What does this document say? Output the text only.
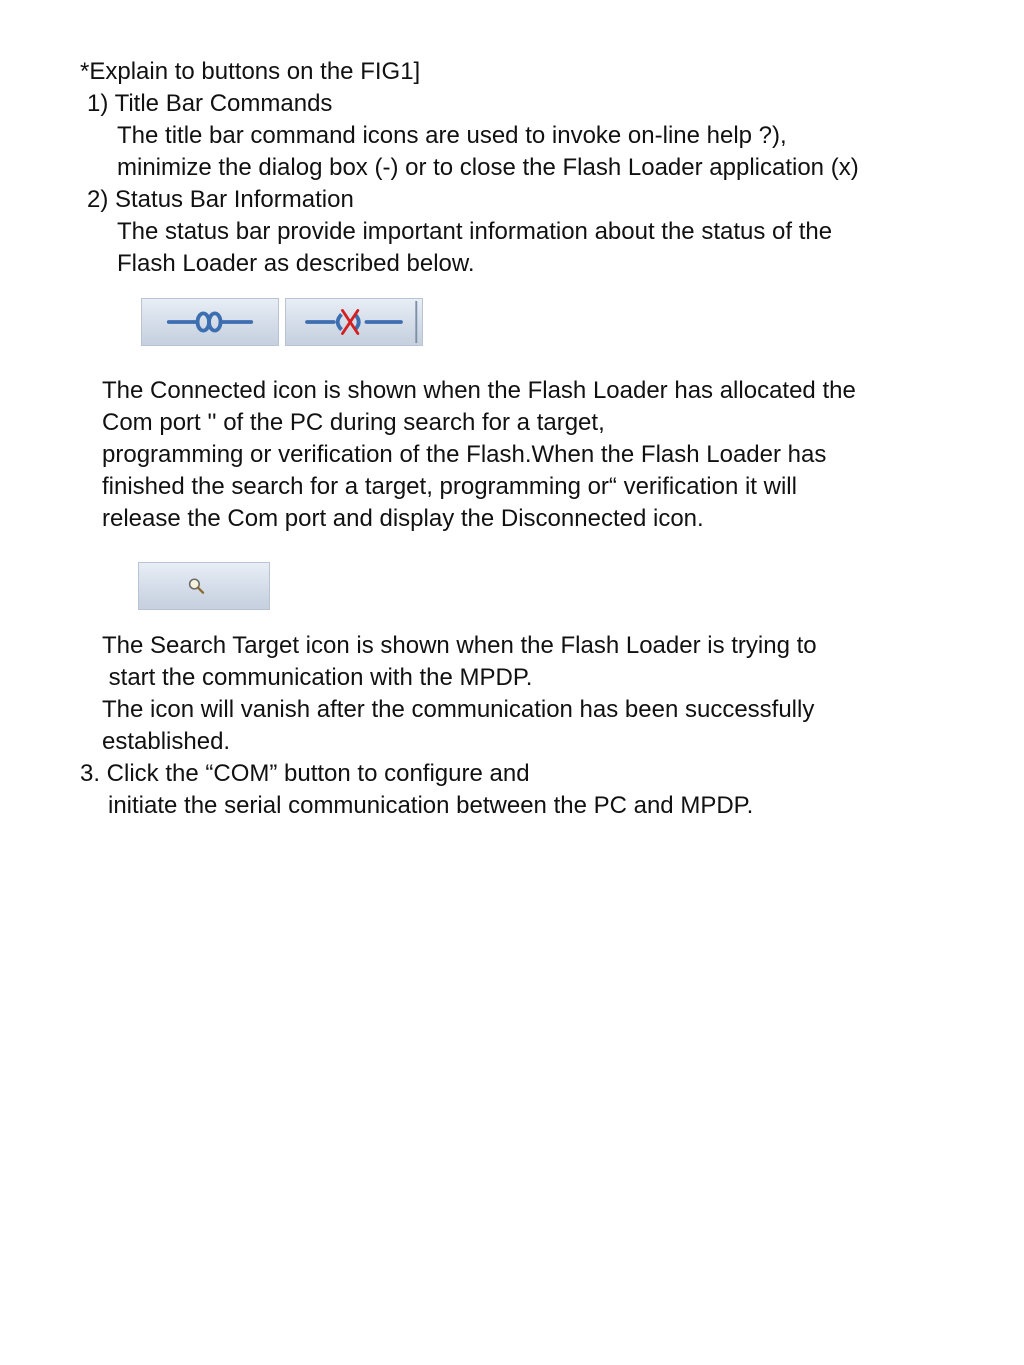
*Explain to buttons on the FIG1]
1) Title Bar Commands
The title bar command icons are used to invoke on-line help ?),
minimize the dialog box (-) or to close the Flash Loader application (x)
2) Status Bar Information
The status bar provide important information about the status of the
Flash Loader as described below.
The Connected icon is shown when the Flash Loader has allocated the
Com port '' of the PC during search for a target,
programming or verification of the Flash.When the Flash Loader has
finished the search for a target, programming or“ verification it will
release the Com port and display the Disconnected icon.
The Search Target icon is shown when the Flash Loader is trying to
start the communication with the MPDP.
The icon will vanish after the communication has been successfully
established.
3. Click the “COM” button to configure and
initiate the serial communication between the PC and MPDP.
